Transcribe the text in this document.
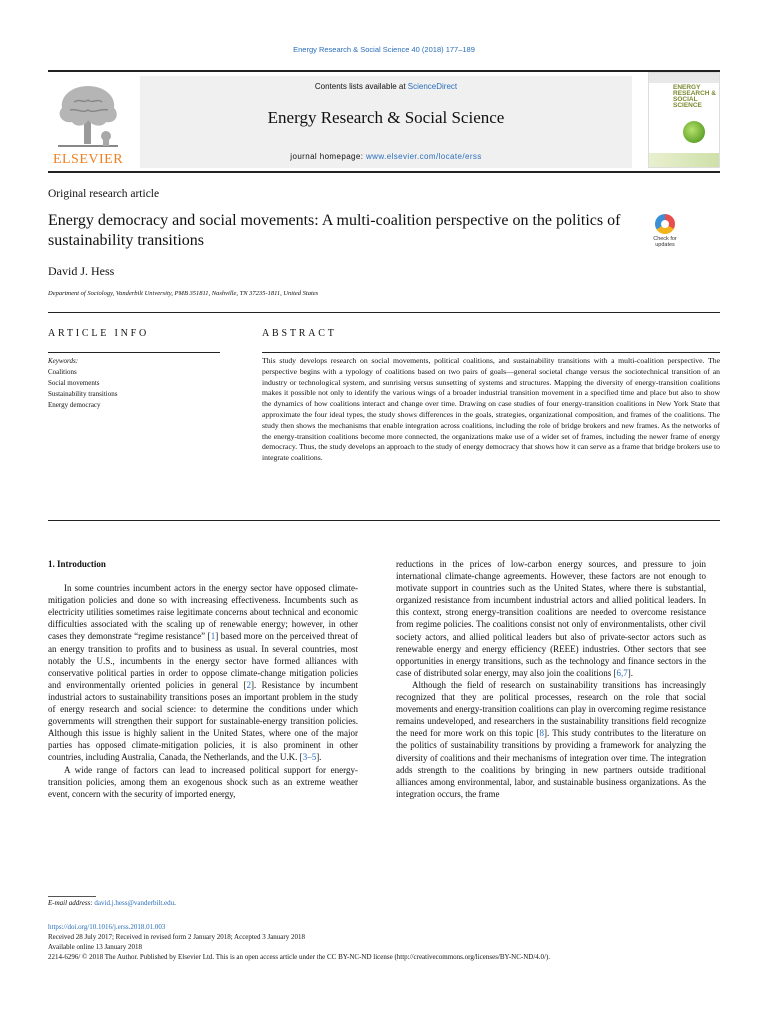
Energy Research & Social Science 40 (2018) 177–189
ELSEVIER
Contents lists available at ScienceDirect
Energy Research & Social Science
journal homepage: www.elsevier.com/locate/erss
ENERGY RESEARCH & SOCIAL SCIENCE
Original research article
Energy democracy and social movements: A multi-coalition perspective on the politics of sustainability transitions	Check for updates
David J. Hess
Department of Sociology, Vanderbilt University, PMB 351811, Nashville, TN 37235-1811, United States
ARTICLE INFO
Keywords:
Coalitions
Social movements
Sustainability transitions
Energy democracy
ABSTRACT
This study develops research on social movements, political coalitions, and sustainability transitions with a multi-coalition perspective. The perspective begins with a typology of coalitions based on two pairs of goals—general societal change versus the sociotechnical transition of an industry or technological system, and sunrising versus sunsetting of systems and structures. Mapping the diversity of energy-transition coalitions makes it possible not only to identify the various wings of a broader industrial transition movement in a specified time and place but also to show the dynamics of how coalitions interact and change over time. Drawing on case studies of four energy-transition coalitions in New York State that approximate the four ideal types, the study shows differences in the goals, strategies, organizational composition, and frames of the coalitions. The study then shows the mechanisms that enable integration across coalitions, including the role of bridge brokers and new frames. As the networks of the energy-transition coalitions become more connected, the organizations make use of a wider set of frames, including the newer frame of energy democracy. Thus, the study develops an approach to the study of energy democracy that shows how it can serve as a frame that bridge brokers use to integrate coalitions.
1. Introduction

In some countries incumbent actors in the energy sector have opposed climate-mitigation policies and done so with increasing effectiveness. Incumbents such as electricity utilities sometimes raise legitimate concerns about technical and economic difficulties associated with the scaling up of renewable energy; however, in other cases they demonstrate “regime resistance” [1] based more on the perceived threat of an energy transition to profits and to business as usual. In several countries, most notably the U.S., incumbents in the energy sector have formed alliances with conservative political parties in order to oppose climate-change mitigation policies and environmentally oriented policies in general [2]. Resistance by incumbent industrial actors to sustainability transitions poses an important problem in the study of energy research and social science: to determine the conditions under which governments will strengthen their support for sustainable-energy transition policies. Although this issue is highly salient in the United States, where one of the major parties has opposed climate-mitigation policies, it is also prominent in other countries, including Australia, Canada, the Netherlands, and the U.K. [3–5].

A wide range of factors can lead to increased political support for energy-transition policies, among them an exogenous shock such as an extreme weather event, concern with the security of imported energy,

reductions in the prices of low-carbon energy sources, and pressure to join international climate-change agreements. However, these factors are not enough to motivate support in countries such as the United States, where there is substantial, organized resistance from incumbent industrial actors and allied political leaders. In this context, strong energy-transition coalitions are needed to overcome resistance from regime policies. The coalitions consist not only of environmentalists, other civil society actors, and allied political leaders but also of private-sector actors such as renewable energy and energy efficiency (REEE) industries. Other sectors that see opportunities in energy transitions, such as the technology and finance sectors in the case of distributed solar energy, may also join the coalitions [6,7].

Although the field of research on sustainability transitions has increasingly recognized that they are political processes, research on the role that social movements and energy-transition coalitions can play in overcoming regime resistance remains undeveloped, and researchers in the sustainability transitions field recognize the need for more work on this topic [8]. This study contributes to the literature on the politics of sustainability transitions by providing a framework for analyzing the diversity of coalitions and their mechanisms of integration over time. The integration adds strength to the coalitions by bringing in new partners outside traditional alliances among environmental, labor, and sustainable business organizations. As the integration occurs, the frame

E-mail address: david.j.hess@vanderbilt.edu.
https://doi.org/10.1016/j.erss.2018.01.003
Received 28 July 2017; Received in revised form 2 January 2018; Accepted 3 January 2018
Available online 13 January 2018
2214-6296/ © 2018 The Author. Published by Elsevier Ltd. This is an open access article under the CC BY-NC-ND license (http://creativecommons.org/licenses/BY-NC-ND/4.0/).
